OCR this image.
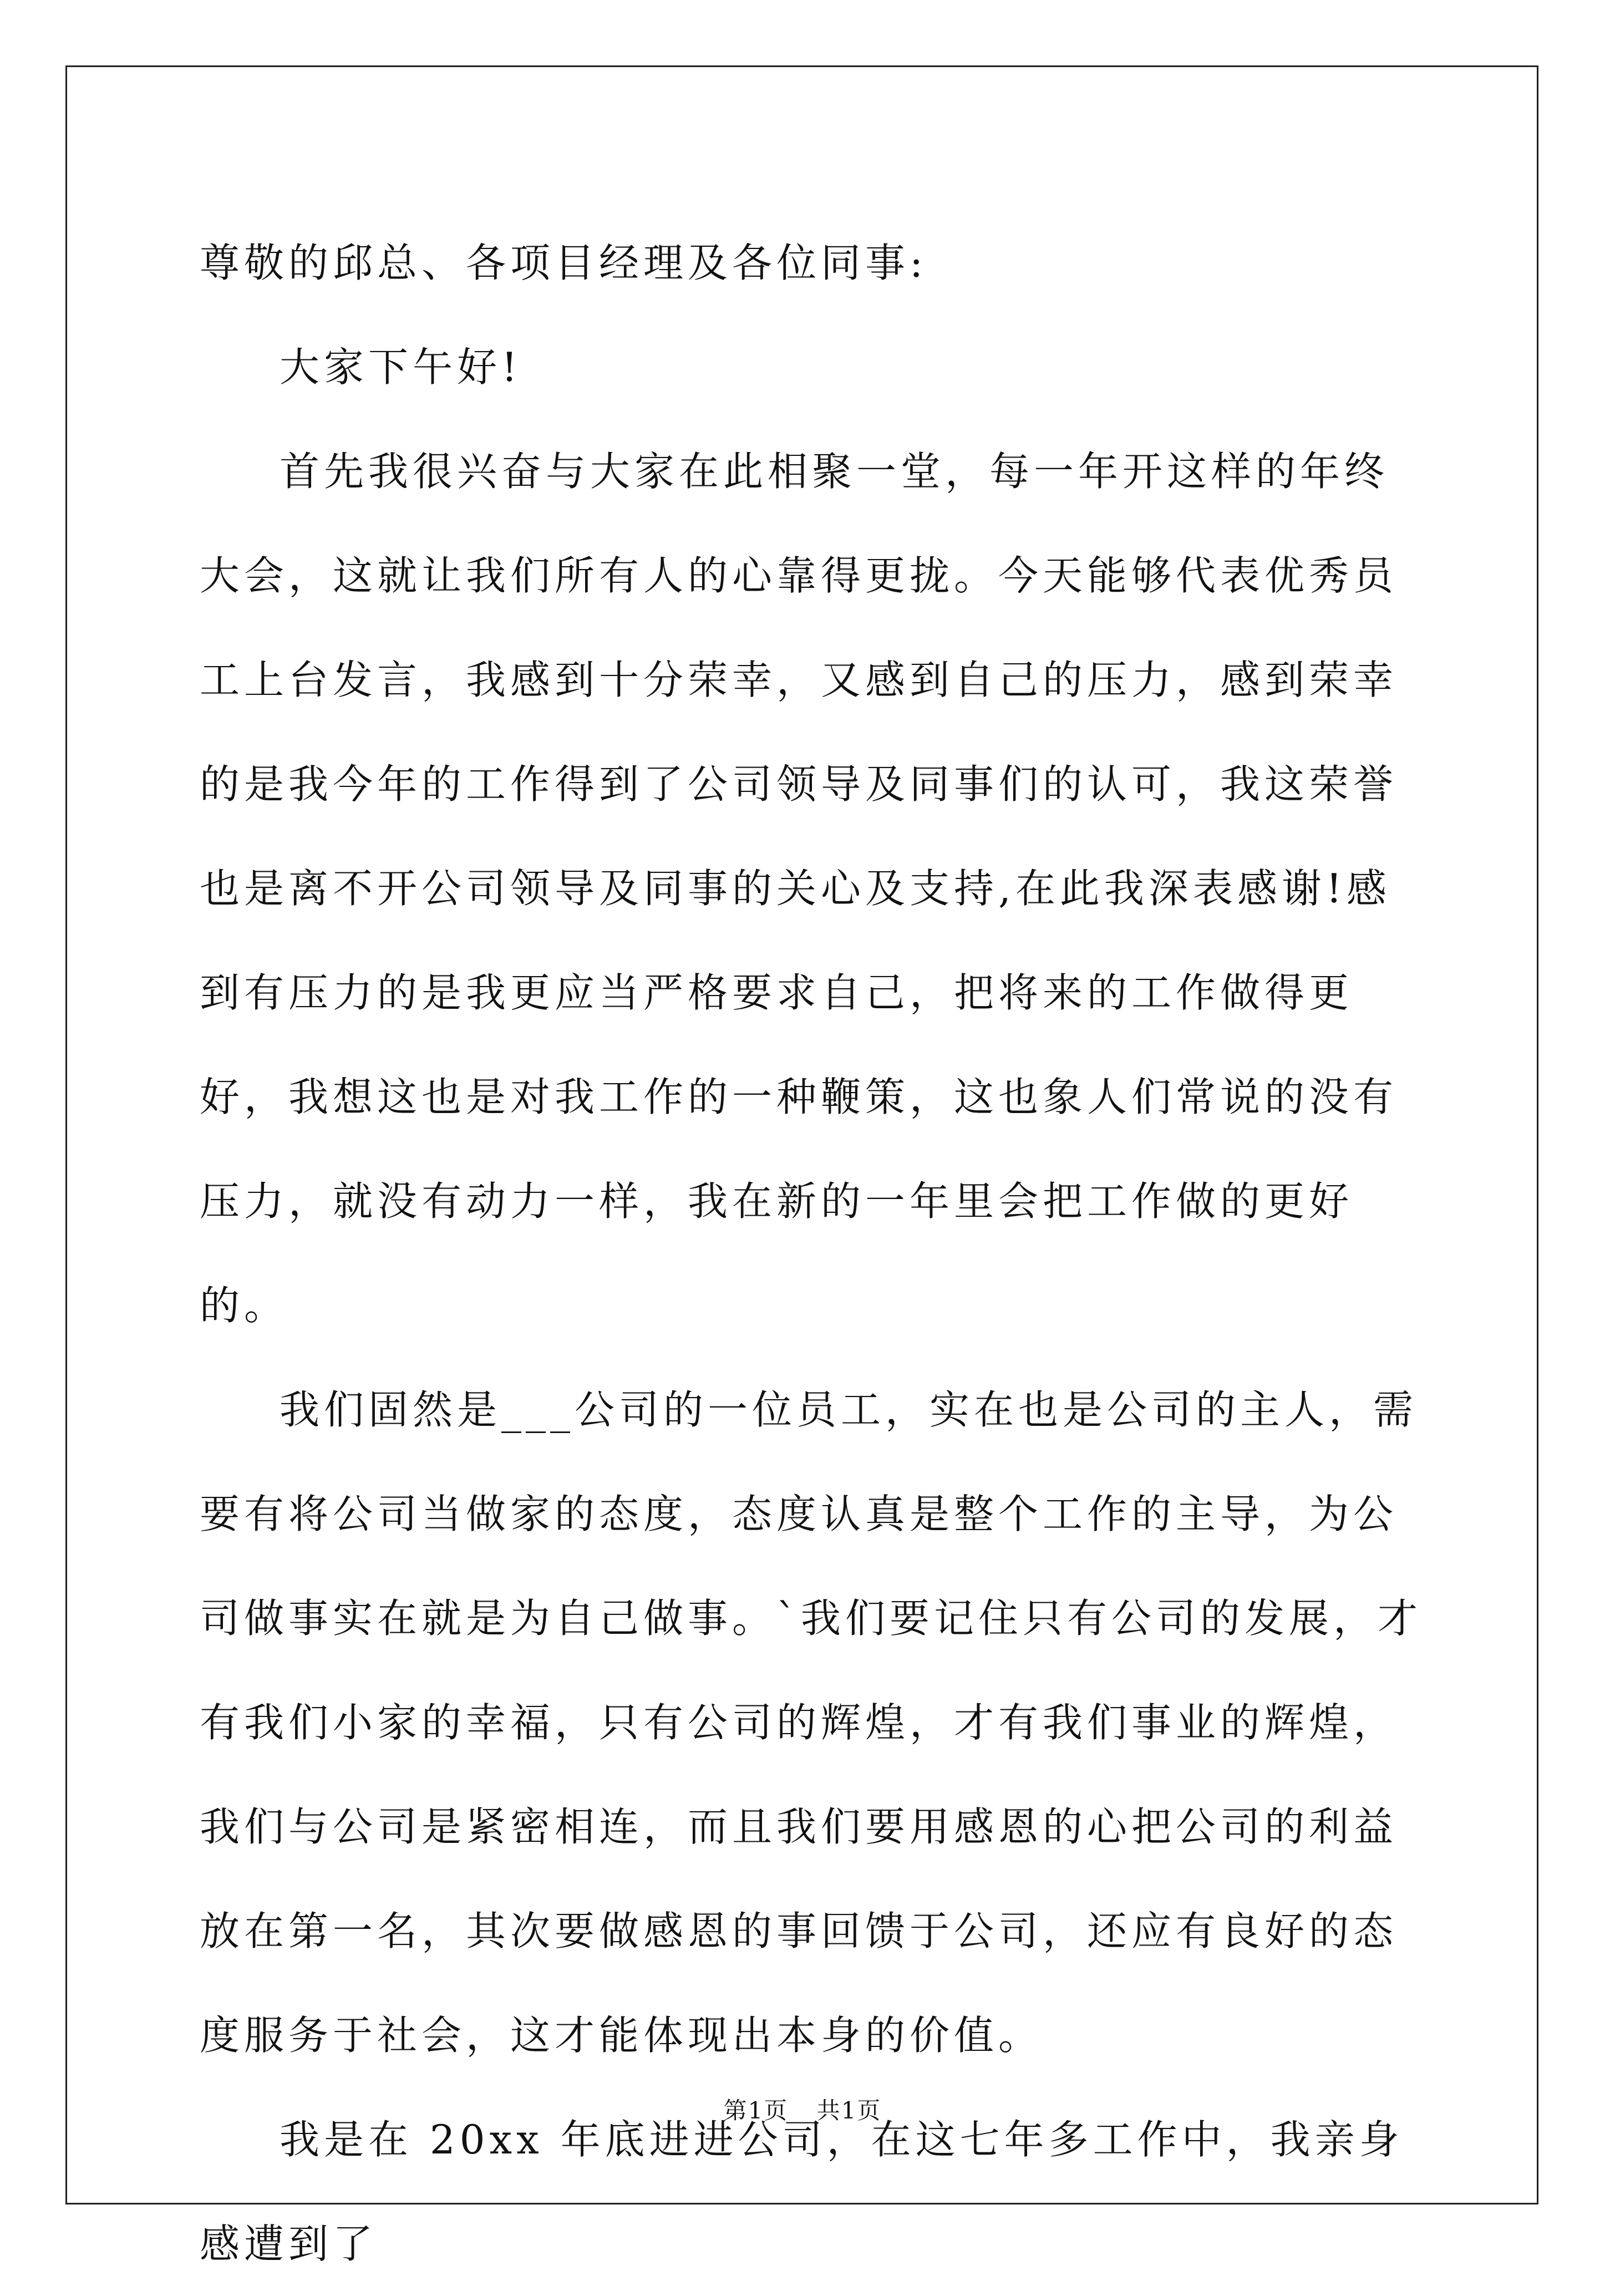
尊敬的邱总、各项目经理及各位同事:

大家下午好!

首先我很兴奋与大家在此相聚一堂，每一年开这样的年终大会，这就让我们所有人的心靠得更拢。今天能够代表优秀员工上台发言，我感到十分荣幸，又感到自己的压力，感到荣幸的是我今年的工作得到了公司领导及同事们的认可，我这荣誉也是离不开公司领导及同事的关心及支持,在此我深表感谢!感到有压力的是我更应当严格要求自己，把将来的工作做得更好，我想这也是对我工作的一种鞭策，这也象人们常说的没有压力，就没有动力一样，我在新的一年里会把工作做的更好的。

我们固然是___公司的一位员工，实在也是公司的主人，需要有将公司当做家的态度，态度认真是整个工作的主导，为公司做事实在就是为自己做事。`我们要记住只有公司的发展，才有我们小家的幸福，只有公司的辉煌，才有我们事业的辉煌，我们与公司是紧密相连，而且我们要用感恩的心把公司的利益放在第一名，其次要做感恩的事回馈于公司，还应有良好的态度服务于社会，这才能体现出本身的价值。

我是在 20xx 年底进进公司，在这七年多工作中，我亲身感遭到了

第1页 共1页
